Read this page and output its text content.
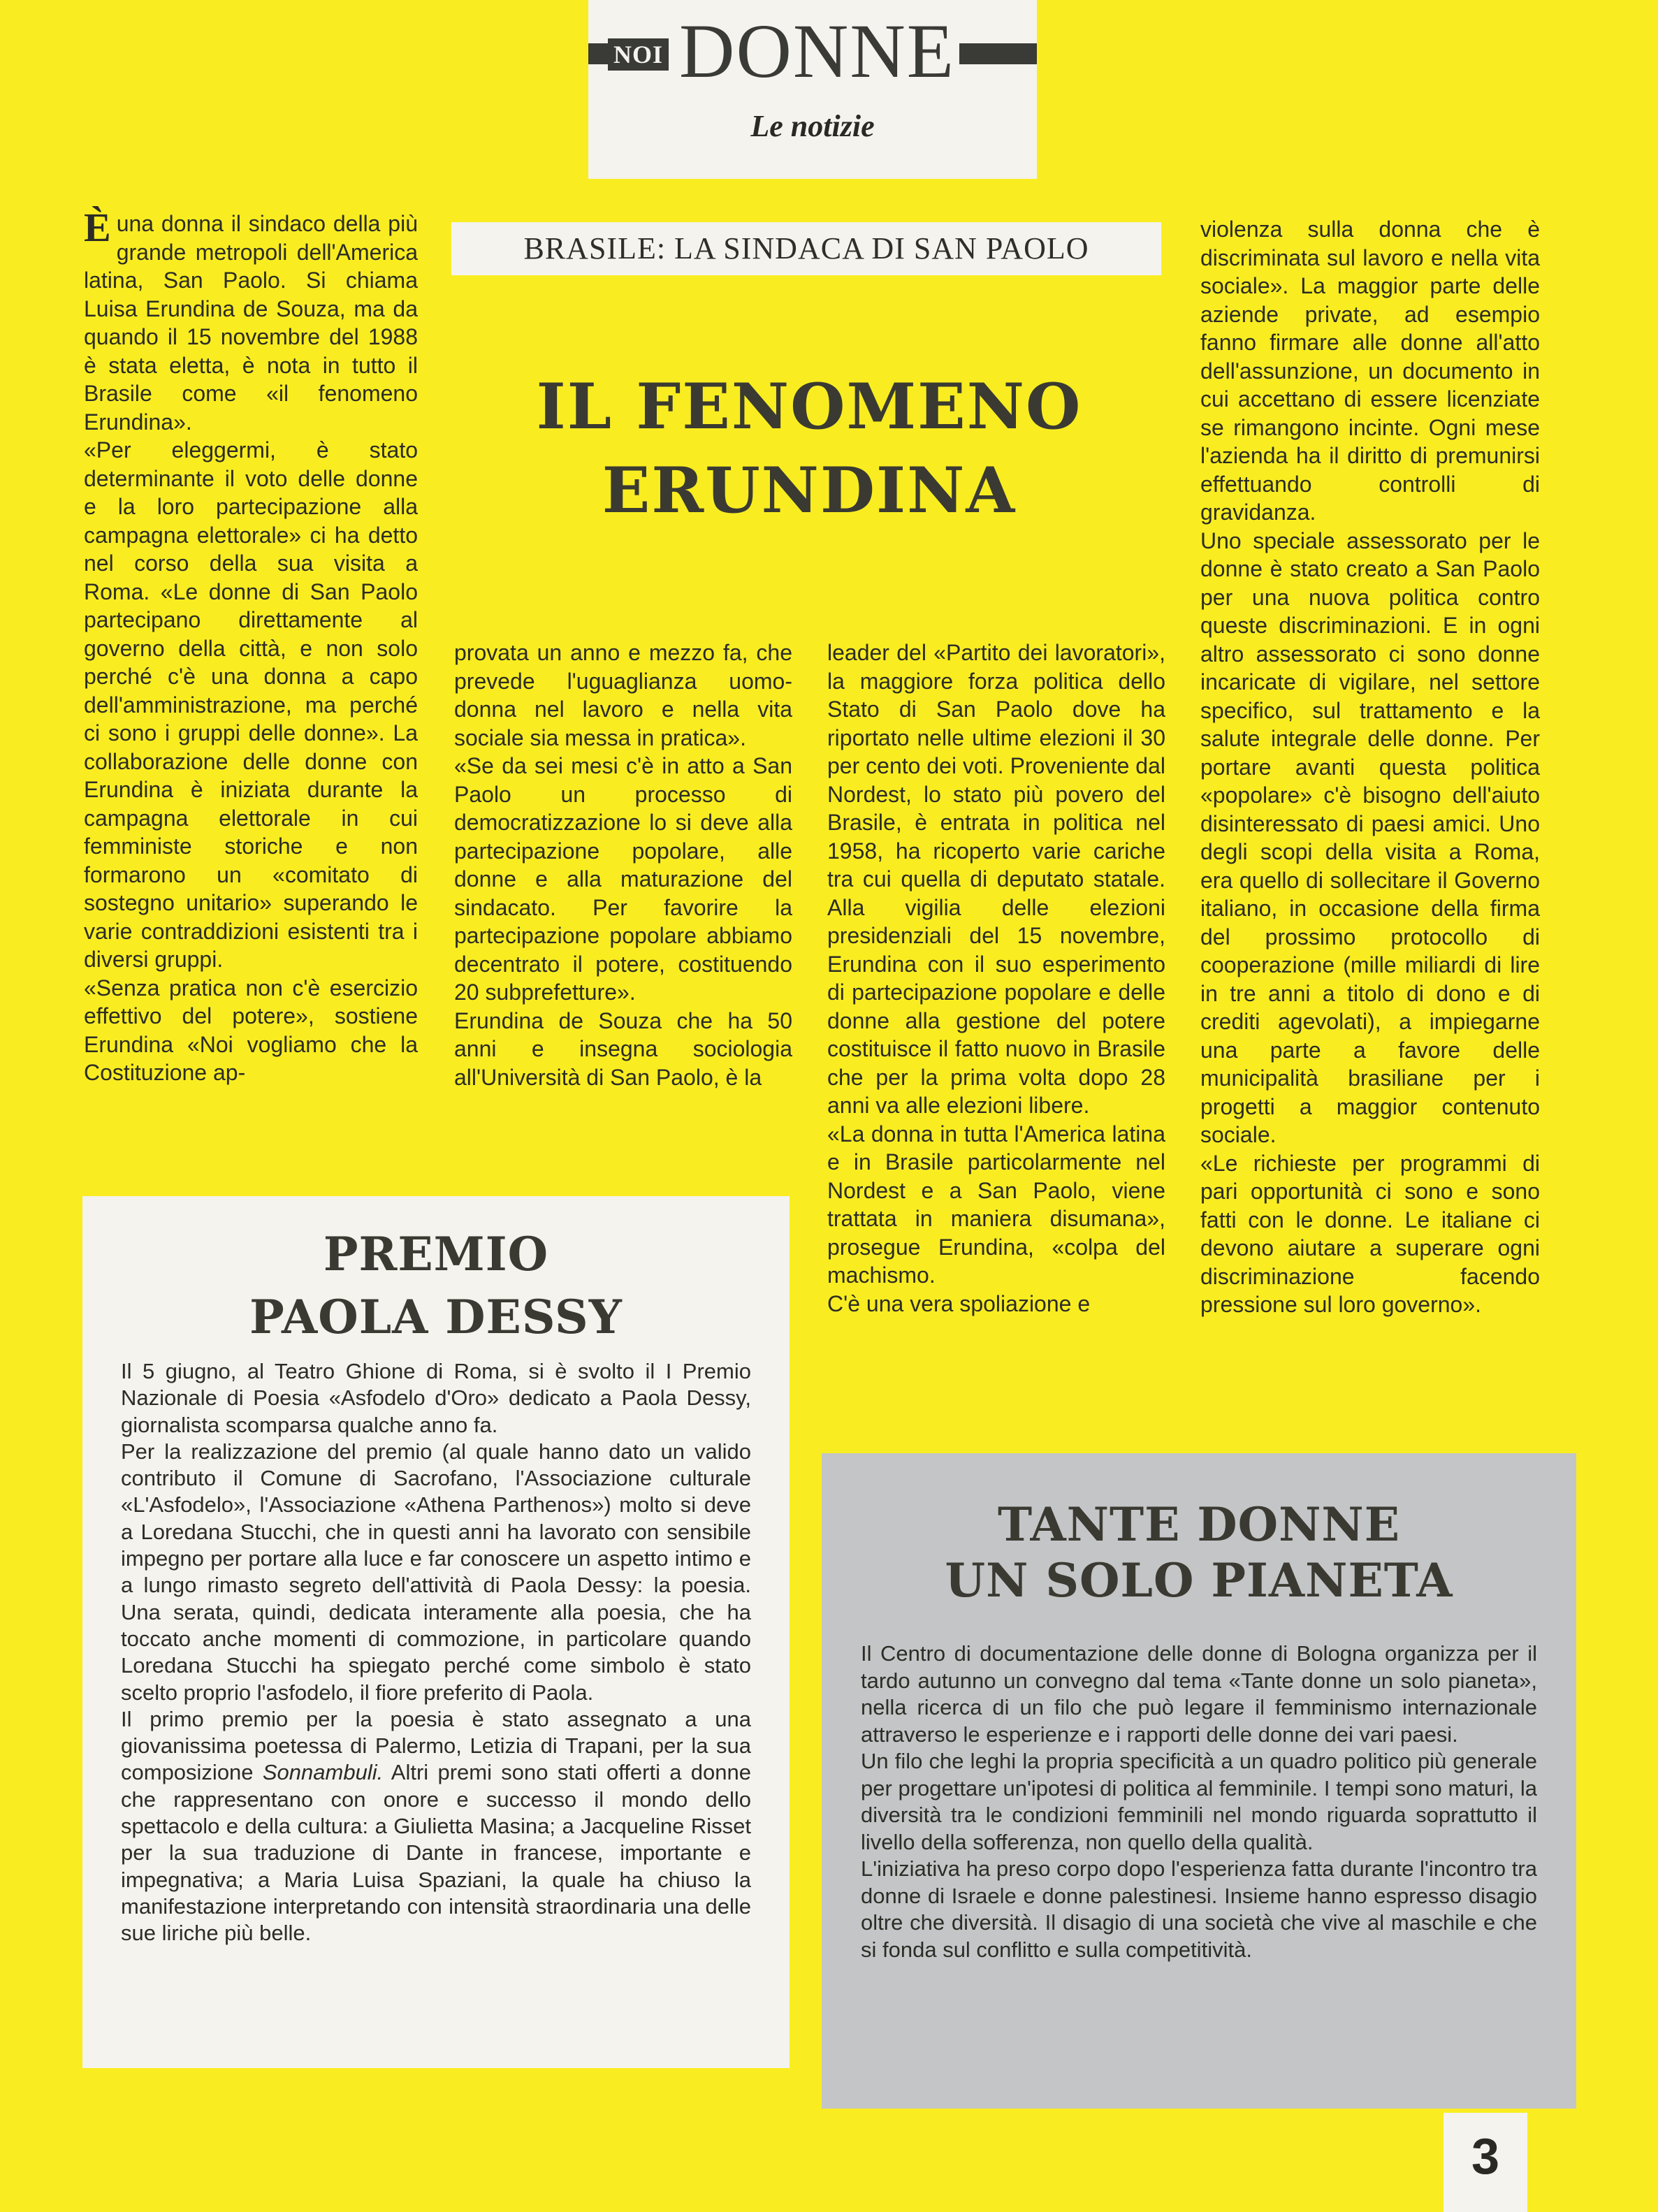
NOI DONNE
Le notizie
BRASILE: LA SINDACA DI SAN PAOLO
IL FENOMENO
ERUNDINA

È una donna il sindaco della più grande metropoli dell'America latina, San Paolo. Si chiama Luisa Erundina de Souza, ma da quando il 15 novembre del 1988 è stata eletta, è nota in tutto il Brasile come «il fenomeno Erundina».

«Per eleggermi, è stato determinante il voto delle donne e la loro partecipazione alla campagna elettorale» ci ha detto nel corso della sua visita a Roma. «Le donne di San Paolo partecipano direttamente al governo della città, e non solo perché c'è una donna a capo dell'amministrazione, ma perché ci sono i gruppi delle donne». La collaborazione delle donne con Erundina è iniziata durante la campagna elettorale in cui femministe storiche e non formarono un «comitato di sostegno unitario» superando le varie contraddizioni esistenti tra i diversi gruppi.

«Senza pratica non c'è esercizio effettivo del potere», sostiene Erundina «Noi vogliamo che la Costituzione ap-

provata un anno e mezzo fa, che prevede l'uguaglianza uomo-donna nel lavoro e nella vita sociale sia messa in pratica».

«Se da sei mesi c'è in atto a San Paolo un processo di democratizzazione lo si deve alla partecipazione popolare, alle donne e alla maturazione del sindacato. Per favorire la partecipazione popolare abbiamo decentrato il potere, costituendo 20 subprefetture».

Erundina de Souza che ha 50 anni e insegna sociologia all'Università di San Paolo, è la

leader del «Partito dei lavoratori», la maggiore forza politica dello Stato di San Paolo dove ha riportato nelle ultime elezioni il 30 per cento dei voti. Proveniente dal Nordest, lo stato più povero del Brasile, è entrata in politica nel 1958, ha ricoperto varie cariche tra cui quella di deputato statale. Alla vigilia delle elezioni presidenziali del 15 novembre, Erundina con il suo esperimento di partecipazione popolare e delle donne alla gestione del potere costituisce il fatto nuovo in Brasile che per la prima volta dopo 28 anni va alle elezioni libere.

«La donna in tutta l'America latina e in Brasile particolarmente nel Nordest e a San Paolo, viene trattata in maniera disumana», prosegue Erundina, «colpa del machismo.

C'è una vera spoliazione e

violenza sulla donna che è discriminata sul lavoro e nella vita sociale». La maggior parte delle aziende private, ad esempio fanno firmare alle donne all'atto dell'assunzione, un documento in cui accettano di essere licenziate se rimangono incinte. Ogni mese l'azienda ha il diritto di premunirsi effettuando controlli di gravidanza.

Uno speciale assessorato per le donne è stato creato a San Paolo per una nuova politica contro queste discriminazioni. E in ogni altro assessorato ci sono donne incaricate di vigilare, nel settore specifico, sul trattamento e la salute integrale delle donne. Per portare avanti questa politica «popolare» c'è bisogno dell'aiuto disinteressato di paesi amici. Uno degli scopi della visita a Roma, era quello di sollecitare il Governo italiano, in occasione della firma del prossimo protocollo di cooperazione (mille miliardi di lire in tre anni a titolo di dono e di crediti agevolati), a impiegarne una parte a favore delle municipalità brasiliane per i progetti a maggior contenuto sociale.

«Le richieste per programmi di pari opportunità ci sono e sono fatti con le donne. Le italiane ci devono aiutare a superare ogni discriminazione facendo pressione sul loro governo».

PREMIO
PAOLA DESSY

Il 5 giugno, al Teatro Ghione di Roma, si è svolto il I Premio Nazionale di Poesia «Asfodelo d'Oro» dedicato a Paola Dessy, giornalista scomparsa qualche anno fa.

Per la realizzazione del premio (al quale hanno dato un valido contributo il Comune di Sacrofano, l'Associazione culturale «L'Asfodelo», l'Associazione «Athena Parthenos») molto si deve a Loredana Stucchi, che in questi anni ha lavorato con sensibile impegno per portare alla luce e far conoscere un aspetto intimo e a lungo rimasto segreto dell'attività di Paola Dessy: la poesia. Una serata, quindi, dedicata interamente alla poesia, che ha toccato anche momenti di commozione, in particolare quando Loredana Stucchi ha spiegato perché come simbolo è stato scelto proprio l'asfodelo, il fiore preferito di Paola.

Il primo premio per la poesia è stato assegnato a una giovanissima poetessa di Palermo, Letizia di Trapani, per la sua composizione Sonnambuli. Altri premi sono stati offerti a donne che rappresentano con onore e successo il mondo dello spettacolo e della cultura: a Giulietta Masina; a Jacqueline Risset per la sua traduzione di Dante in francese, importante e impegnativa; a Maria Luisa Spaziani, la quale ha chiuso la manifestazione interpretando con intensità straordinaria una delle sue liriche più belle.

TANTE DONNE
UN SOLO PIANETA

Il Centro di documentazione delle donne di Bologna organizza per il tardo autunno un convegno dal tema «Tante donne un solo pianeta», nella ricerca di un filo che può legare il femminismo internazionale attraverso le esperienze e i rapporti delle donne dei vari paesi.

Un filo che leghi la propria specificità a un quadro politico più generale per progettare un'ipotesi di politica al femminile. I tempi sono maturi, la diversità tra le condizioni femminili nel mondo riguarda soprattutto il livello della sofferenza, non quello della qualità.

L'iniziativa ha preso corpo dopo l'esperienza fatta durante l'incontro tra donne di Israele e donne palestinesi. Insieme hanno espresso disagio oltre che diversità. Il disagio di una società che vive al maschile e che si fonda sul conflitto e sulla competitività.

3
